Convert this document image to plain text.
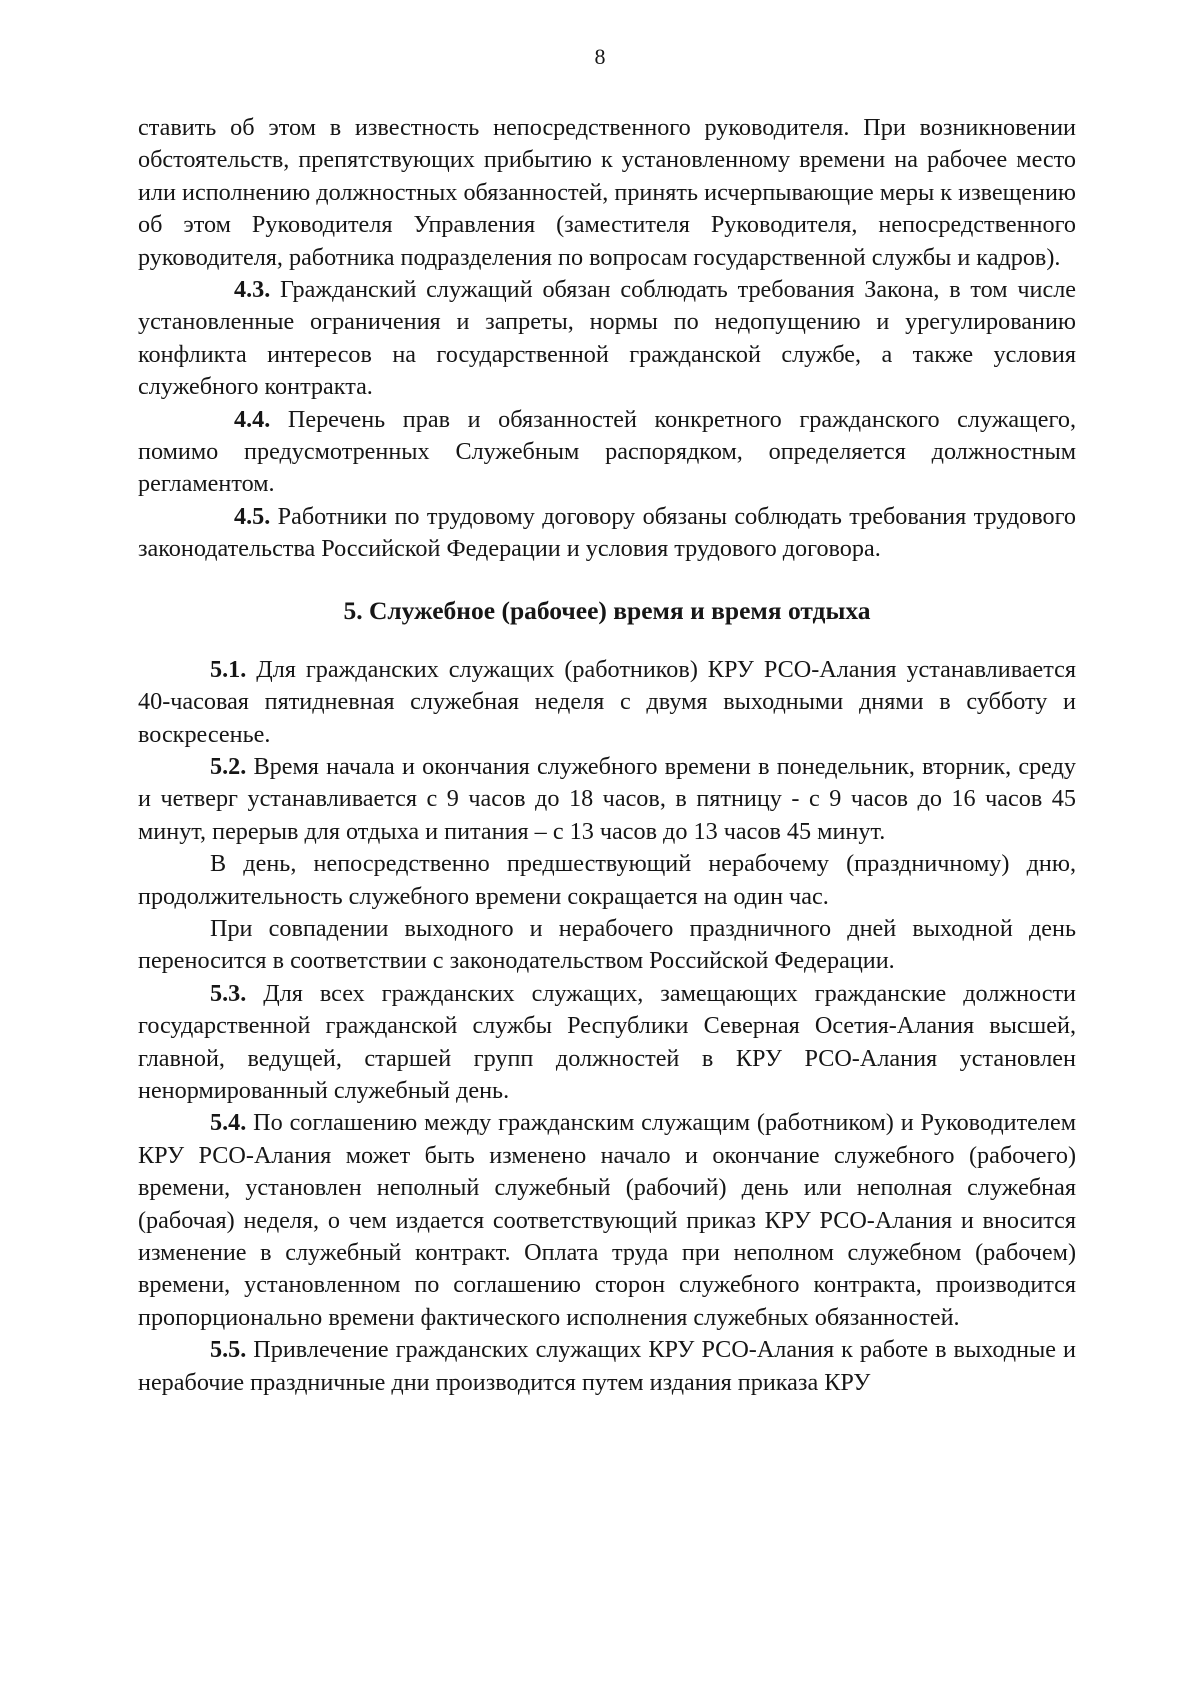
8

ставить об этом в известность непосредственного руководителя. При возникновении обстоятельств, препятствующих прибытию к установленному времени на рабочее место или исполнению должностных обязанностей, принять исчерпывающие меры к извещению об этом Руководителя Управления (заместителя Руководителя, непосредственного руководителя, работника подразделения по вопросам государственной службы и кадров).

4.3. Гражданский служащий обязан соблюдать требования Закона, в том числе установленные ограничения и запреты, нормы по недопущению и урегулированию конфликта интересов на государственной гражданской службе, а также условия служебного контракта.

4.4. Перечень прав и обязанностей конкретного гражданского служащего, помимо предусмотренных Служебным распорядком, определяется должностным регламентом.

4.5. Работники по трудовому договору обязаны соблюдать требования трудового законодательства Российской Федерации и условия трудового договора.

5. Служебное (рабочее) время и время отдыха

5.1. Для гражданских служащих (работников) КРУ РСО-Алания устанавливается 40-часовая пятидневная служебная неделя с двумя выходными днями в субботу и воскресенье.

5.2. Время начала и окончания служебного времени в понедельник, вторник, среду и четверг устанавливается с 9 часов до 18 часов, в пятницу - с 9 часов до 16 часов 45 минут, перерыв для отдыха и питания – с 13 часов до 13 часов 45 минут.

В день, непосредственно предшествующий нерабочему (праздничному) дню, продолжительность служебного времени сокращается на один час.

При совпадении выходного и нерабочего праздничного дней выходной день переносится в соответствии с законодательством Российской Федерации.

5.3. Для всех гражданских служащих, замещающих гражданские должности государственной гражданской службы Республики Северная Осетия-Алания высшей, главной, ведущей, старшей групп должностей в КРУ РСО-Алания установлен ненормированный служебный день.

5.4. По соглашению между гражданским служащим (работником) и Руководителем КРУ РСО-Алания может быть изменено начало и окончание служебного (рабочего) времени, установлен неполный служебный (рабочий) день или неполная служебная (рабочая) неделя, о чем издается соответствующий приказ КРУ РСО-Алания и вносится изменение в служебный контракт. Оплата труда при неполном служебном (рабочем) времени, установленном по соглашению сторон служебного контракта, производится пропорционально времени фактического исполнения служебных обязанностей.

5.5. Привлечение гражданских служащих КРУ РСО-Алания к работе в выходные и нерабочие праздничные дни производится путем издания приказа КРУ
